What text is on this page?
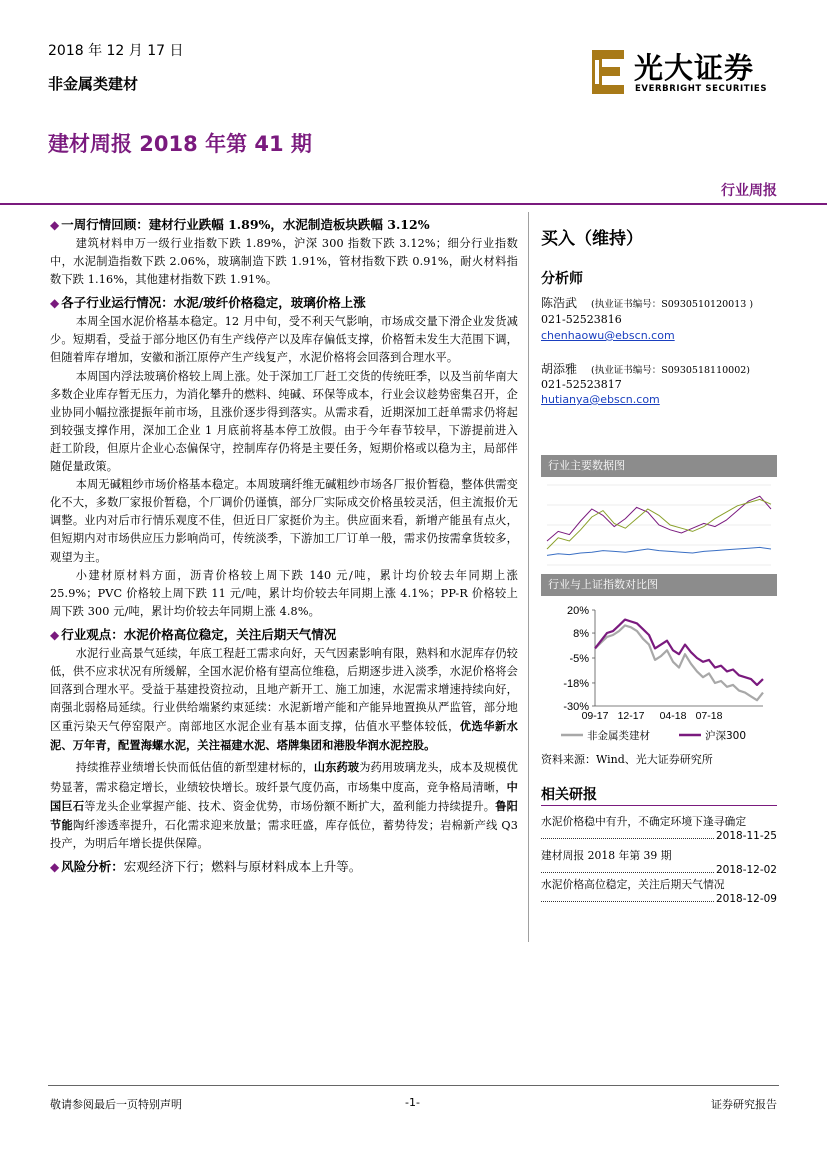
2018 年 12 月 17 日
非金属类建材	光大证券
EVERBRIGHT SECURITIES
建材周报 2018 年第 41 期
行业周报
◆ 一周行情回顾：建材行业跌幅 1.89%，水泥制造板块跌幅 3.12%

建筑材料申万一级行业指数下跌 1.89%，沪深 300 指数下跌 3.12%；细分行业指数中，水泥制造指数下跌 2.06%，玻璃制造下跌 1.91%，管材指数下跌 0.91%，耐火材料指数下跌 1.16%，其他建材指数下跌 1.91%。

◆ 各子行业运行情况：水泥/玻纤价格稳定，玻璃价格上涨

本周全国水泥价格基本稳定。12 月中旬，受不利天气影响，市场成交量下滑企业发货减少。短期看，受益于部分地区仍有生产线停产以及库存偏低支撑，价格暂未发生大范围下调，但随着库存增加，安徽和浙江原停产生产线复产，水泥价格将会回落到合理水平。

本周国内浮法玻璃价格较上周上涨。处于深加工厂赶工交货的传统旺季，以及当前华南大多数企业库存暂无压力，为消化攀升的燃料、纯碱、环保等成本，行业会议趁势密集召开，企业协同小幅拉涨提振年前市场，且涨价逐步得到落实。从需求看，近期深加工赶单需求仍将起到较强支撑作用，深加工企业 1 月底前将基本停工放假。由于今年春节较早，下游提前进入赶工阶段，但原片企业心态偏保守，控制库存仍将是主要任务，短期价格或以稳为主，局部伴随促量政策。

本周无碱粗纱市场价格基本稳定。本周玻璃纤维无碱粗纱市场各厂报价暂稳，整体供需变化不大，多数厂家报价暂稳，个厂调价仍谨慎，部分厂实际成交价格虽较灵活，但主流报价无调整。业内对后市行情乐观度不佳，但近日厂家挺价为主。供应面来看，新增产能虽有点火，但短期内对市场供应压力影响尚可，传统淡季，下游加工厂订单一般，需求仍按需拿货较多，观望为主。

小建材原材料方面，沥青价格较上周下跌 140 元/吨，累计均价较去年同期上涨 25.9%；PVC 价格较上周下跌 11 元/吨，累计均价较去年同期上涨 4.1%；PP-R 价格较上周下跌 300 元/吨，累计均价较去年同期上涨 4.8%。

◆ 行业观点：水泥价格高位稳定，关注后期天气情况

水泥行业高景气延续，年底工程赶工需求向好，天气因素影响有限，熟料和水泥库存仍较低，供不应求状况有所缓解，全国水泥价格有望高位维稳，后期逐步进入淡季，水泥价格将会回落到合理水平。受益于基建投资拉动，且地产新开工、施工加速，水泥需求增速持续向好，南强北弱格局延续。行业供给端紧约束延续：水泥新增产能和产能异地置换从严监管，部分地区重污染天气停窑限产。南部地区水泥企业有基本面支撑，估值水平整体较低，优选华新水泥、万年青，配置海螺水泥，关注福建水泥、塔牌集团和港股华润水泥控股。

持续推荐业绩增长快而低估值的新型建材标的，山东药玻为药用玻璃龙头，成本及规模优势显著，需求稳定增长，业绩较快增长。玻纤景气度仍高，市场集中度高，竞争格局清晰，中国巨石等龙头企业掌握产能、技术、资金优势，市场份额不断扩大，盈利能力持续提升。鲁阳节能陶纤渗透率提升，石化需求迎来放量；需求旺盛，库存低位，蓄势待发；岩棉新产线 Q3 投产，为明后年增长提供保障。

◆ 风险分析：宏观经济下行；燃料与原材料成本上升等。
买入（维持）
分析师
陈浩武 (执业证书编号：S0930510120013 )
021-52523816
chenhaowu@ebscn.com
胡添雅 (执业证书编号：S0930518110002)
021-52523817
hutianya@ebscn.com
行业主要数据图
行业与上证指数对比图
20%
8%
-5%
-18%
-30%
09-17 12-17 04-18 07-18
非金属类建材	沪深300
资料来源：Wind、光大证券研究所
相关研报
水泥价格稳中有升，不确定环境下逢寻确定
2018-11-25
建材周报 2018 年第 39 期
2018-12-02
水泥价格高位稳定，关注后期天气情况
2018-12-09
敬请参阅最后一页特别声明	-1-	证券研究报告
